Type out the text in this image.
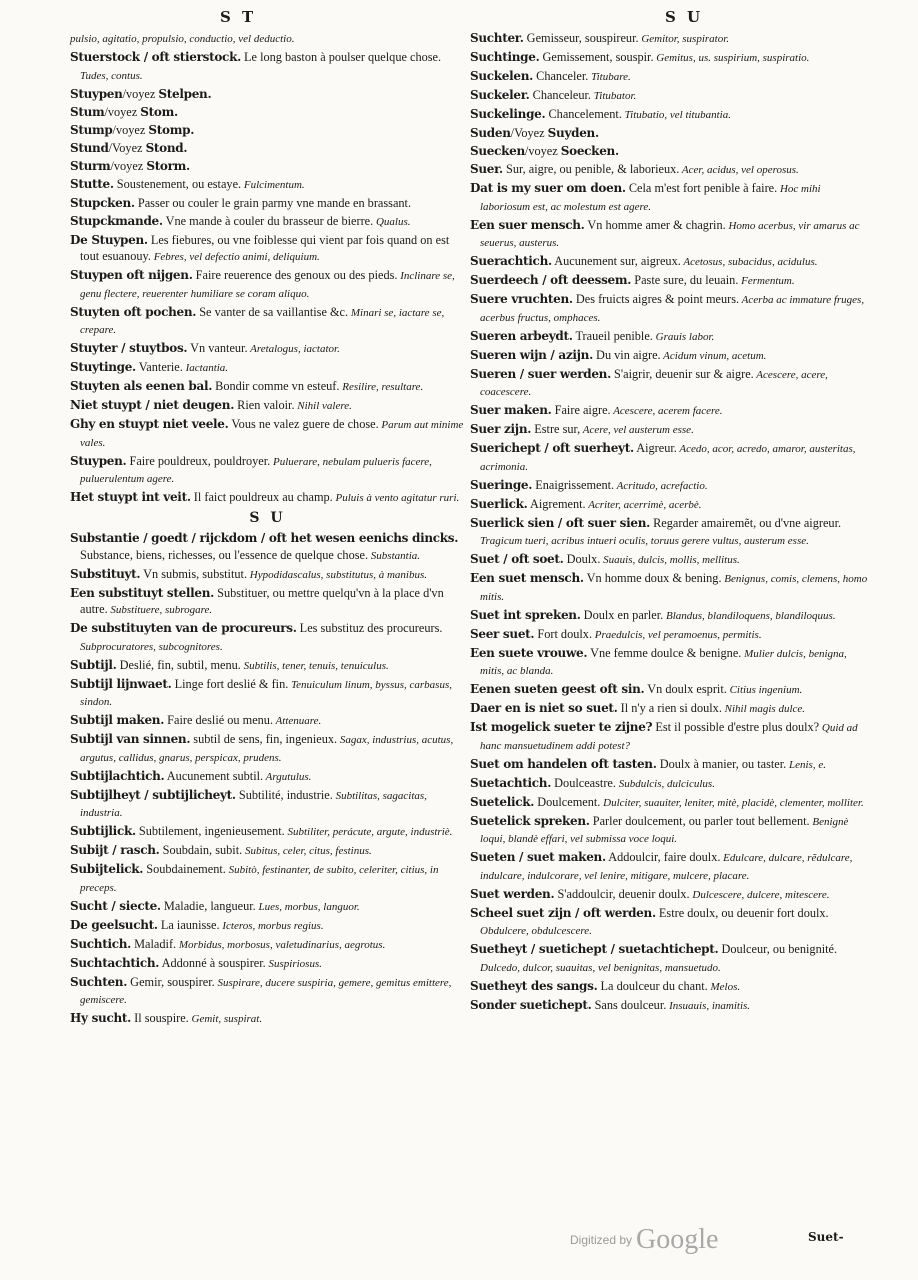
S T	S U
pulsio, agitatio, propulsio, conductio, vel deductio.
Stuerstock / oft stierstock. Le long baston à poulser quelque chose. Tudes, contus.
Stuypen/voyez Stelpen.
Stum/voyez Stom.
Stump/voyez Stomp.
Stund/Voyez Stond.
Sturm/voyez Storm.
Stutte. Soustenement, ou estaye. Fulcimentum.
Stupcken. Passer ou couler le grain parmy vne mande en brassant.
Stupckmande. Vne mande à couler du brasseur de bierre. Qualus.
De Stuypen. Les fiebures, ou vne foiblesse qui vient par fois quand on est tout esuanouy. Febres, vel defectio animi, deliquium.
Stuypen oft nijgen. Faire reuerence des genoux ou des pieds. Inclinare se, genu flectere, reuerenter humiliare se coram aliquo.
Stuyten oft pochen. Se vanter de sa vaillantise &c. Minari se, iactare se, crepare.
Stuyter / stuytbos. Vn vanteur. Aretalogus, iactator.
Stuytinge. Vanterie. Iactantia.
Stuyten als eenen bal. Bondir comme vn esteuf. Resilire, resultare.
Niet stuypt / niet deugen. Rien valoir. Nihil valere.
Ghy en stuypt niet veele. Vous ne valez guere de chose. Parum aut minime vales.
Stuypen. Faire pouldreux, pouldroyer. Puluerare, nebulam pulueris facere, puluerulentum agere.
Het stuypt int veit. Il faict pouldreux au champ. Puluis à vento agitatur ruri.
S U
Substantie / goedt / rijckdom / oft het wesen eenichs dincks. Substance, biens, richesses, ou l'essence de quelque chose. Substantia.
Substituyt. Vn submis, substitut. Hypodidascalus, substitutus, à manibus.
Een substituyt stellen. Substituer, ou mettre quelqu'vn à la place d'vn autre. Substituere, subrogare.
De substituyten van de procureurs. Les substituz des procureurs. Subprocuratores, subcognitores.
Subtijl. Deslié, fin, subtil, menu. Subtilis, tener, tenuis, tenuiculus.
Subtijl lijnwaet. Linge fort deslié & fin. Tenuiculum linum, byssus, carbasus, sindon.
Subtijl maken. Faire deslié ou menu. Attenuare.
Subtijl van sinnen. subtil de sens, fin, ingenieux. Sagax, industrius, acutus, argutus, callidus, gnarus, perspicax, prudens.
Subtijlachtich. Aucunement subtil. Argutulus.
Subtijlheyt / subtijlicheyt. Subtilité, industrie. Subtilitas, sagacitas, industria.
Subtijlick. Subtilement, ingenieusement. Subtiliter, perácute, argute, industriè.
Subijt / rasch. Soubdain, subit. Subitus, celer, citus, festinus.
Subijtelick. Soubdainement. Subitò, festinanter, de subito, celeriter, citius, in preceps.
Sucht / siecte. Maladie, langueur. Lues, morbus, languor.
De geelsucht. La iaunisse. Icteros, morbus regius.
Suchtich. Maladif. Morbidus, morbosus, valetudinarius, aegrotus.
Suchtachtich. Addonné à souspirer. Suspiriosus.
Suchten. Gemir, souspirer. Suspirare, ducere suspiria, gemere, gemitus emittere, gemiscere.
Hy sucht. Il souspire. Gemit, suspirat.
Suchter. Gemisseur, souspireur. Gemitor, suspirator.
Suchtinge. Gemissement, souspir. Gemitus, us. suspirium, suspiratio.
Suckelen. Chanceler. Titubare.
Suckeler. Chanceleur. Titubator.
Suckelinge. Chancelement. Titubatio, vel titubantia.
Suden/Voyez Suyden.
Suecken/voyez Soecken.
Suer. Sur, aigre, ou penible, & laborieux. Acer, acidus, vel operosus.
Dat is my suer om doen. Cela m'est fort penible à faire. Hoc mihi laboriosum est, ac molestum est agere.
Een suer mensch. Vn homme amer & chagrin. Homo acerbus, vir amarus ac seuerus, austerus.
Suerachtich. Aucunement sur, aigreux. Acetosus, subacidus, acidulus.
Suerdeech / oft deessem. Paste sure, du leuain. Fermentum.
Suere vruchten. Des fruicts aigres & point meurs. Acerba ac immature fruges, acerbus fructus, omphaces.
Sueren arbeydt. Traueil penible. Grauis labor.
Sueren wijn / azijn. Du vin aigre. Acidum vinum, acetum.
Sueren / suer werden. S'aigrir, deuenir sur & aigre. Acescere, acere, coacescere.
Suer maken. Faire aigre. Acescere, acerem facere.
Suer zijn. Estre sur, Acere, vel austerum esse.
Suerichept / oft suerheyt. Aigreur. Acedo, acor, acredo, amaror, austeritas, acrimonia.
Sueringe. Enaigrissement. Acritudo, acrefactio.
Suerlick. Aigrement. Acriter, acerrimè, acerbè.
Suerlick sien / oft suer sien. Regarder amairemẽt, ou d'vne aigreur. Tragicum tueri, acribus intueri oculis, toruus gerere vultus, austerum esse.
Suet / oft soet. Doulx. Suauis, dulcis, mollis, mellitus.
Een suet mensch. Vn homme doux & bening. Benignus, comis, clemens, homo mitis.
Suet int spreken. Doulx en parler. Blandus, blandiloquens, blandiloquus.
Seer suet. Fort doulx. Praedulcis, vel peramoenus, permitis.
Een suete vrouwe. Vne femme doulce & benigne. Mulier dulcis, benigna, mitis, ac blanda.
Eenen sueten geest oft sin. Vn doulx esprit. Citius ingenium.
Daer en is niet so suet. Il n'y a rien si doulx. Nihil magis dulce.
Ist mogelick sueter te zijne? Est il possible d'estre plus doulx? Quid ad hanc mansuetudinem addi potest?
Suet om handelen oft tasten. Doulx à manier, ou taster. Lenis, e.
Suetachtich. Doulceastre. Subdulcis, dulciculus.
Suetelick. Doulcement. Dulciter, suauiter, leniter, mitè, placidè, clementer, molliter.
Suetelick spreken. Parler doulcement, ou parler tout bellement. Benignè loqui, blandè effari, vel submissa voce loqui.
Sueten / suet maken. Addoulcir, faire doulx. Edulcare, dulcare, rẽdulcare, indulcare, indulcorare, vel lenire, mitigare, mulcere, placare.
Suet werden. S'addoulcir, deuenir doulx. Dulcescere, dulcere, mitescere.
Scheel suet zijn / oft werden. Estre doulx, ou deuenir fort doulx. Obdulcere, obdulcescere.
Suetheyt / suetichept / suetachtichept. Doulceur, ou benignité. Dulcedo, dulcor, suauitas, vel benignitas, mansuetudo.
Suetheyt des sangs. La doulceur du chant. Melos.
Sonder suetichept. Sans doulceur. Insuauis, inamitis.
Digitized by Google	Suet-
